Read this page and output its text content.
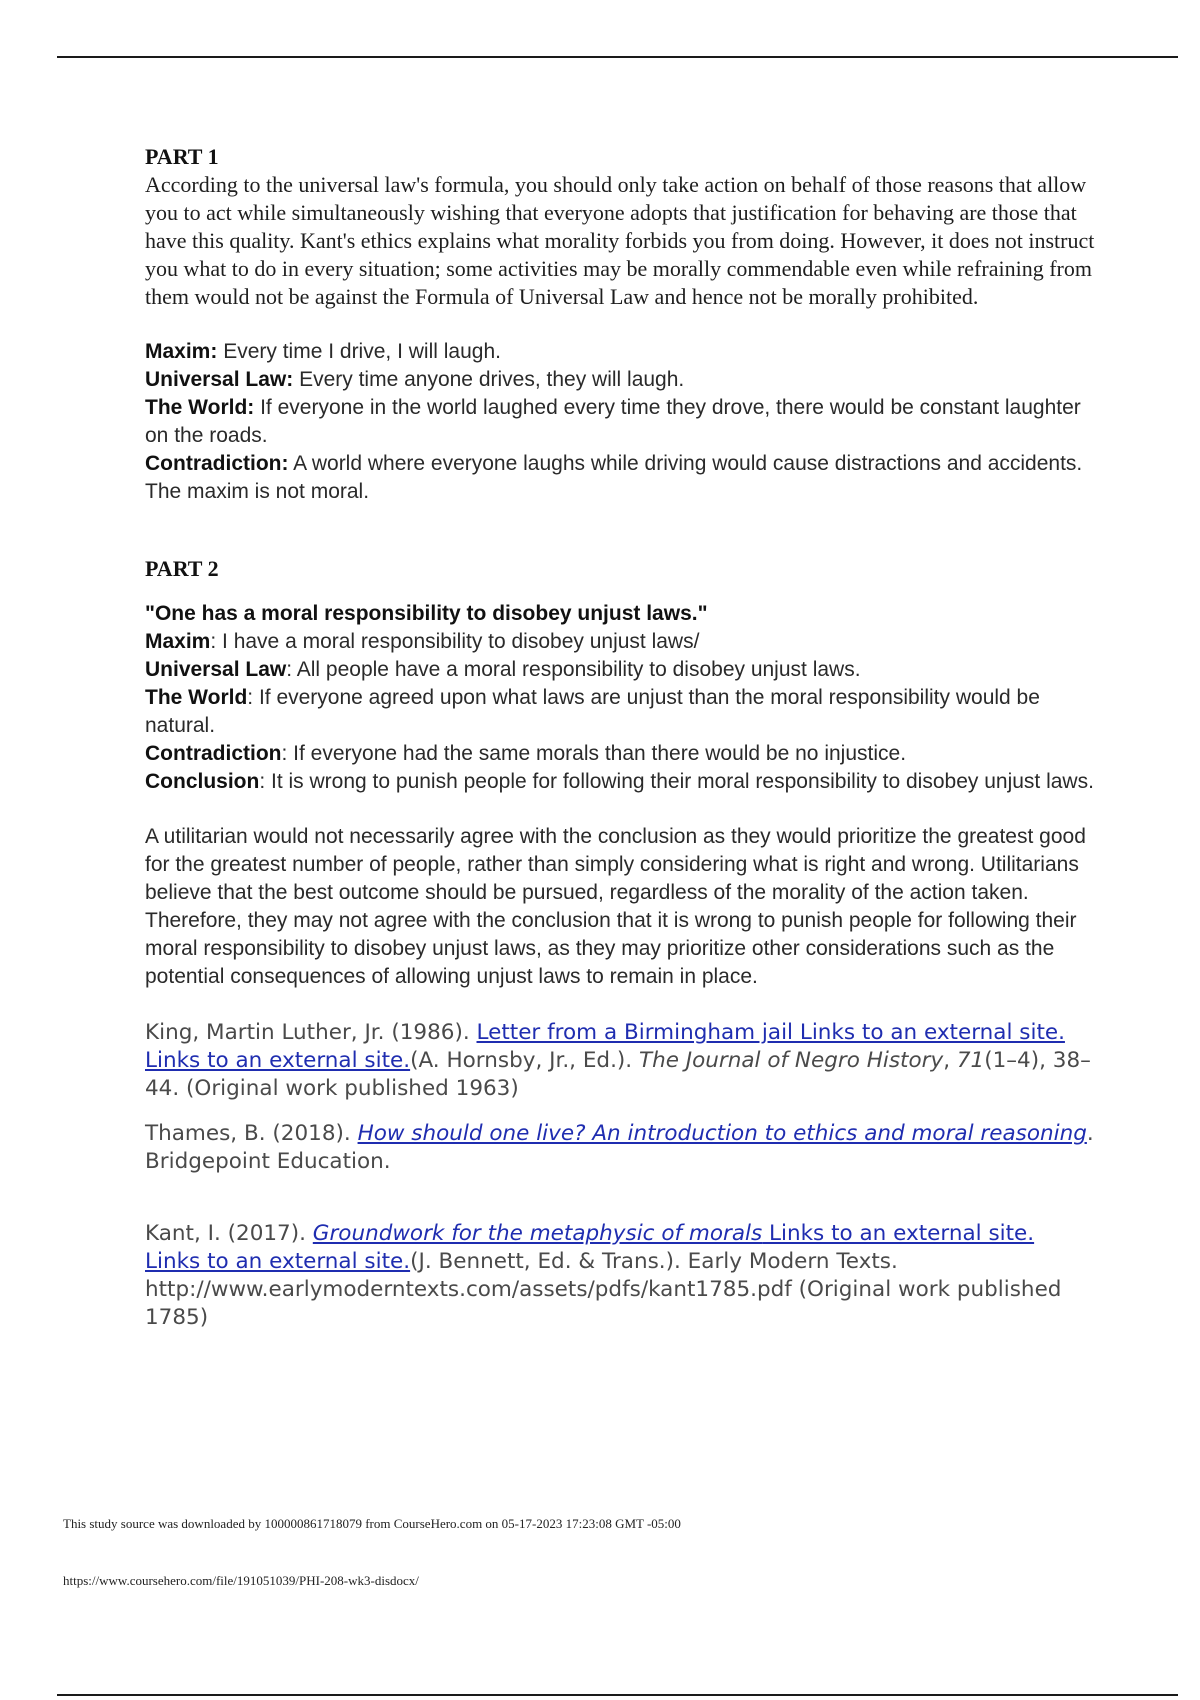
PART 1

According to the universal law's formula, you should only take action on behalf of those reasons that allow you to act while simultaneously wishing that everyone adopts that justification for behaving are those that have this quality. Kant's ethics explains what morality forbids you from doing. However, it does not instruct you what to do in every situation; some activities may be morally commendable even while refraining from them would not be against the Formula of Universal Law and hence not be morally prohibited.

Maxim: Every time I drive, I will laugh.

Universal Law: Every time anyone drives, they will laugh.

The World: If everyone in the world laughed every time they drove, there would be constant laughter on the roads.

Contradiction: A world where everyone laughs while driving would cause distractions and accidents.

The maxim is not moral.

PART 2

"One has a moral responsibility to disobey unjust laws."

Maxim: I have a moral responsibility to disobey unjust laws/

Universal Law: All people have a moral responsibility to disobey unjust laws.

The World: If everyone agreed upon what laws are unjust than the moral responsibility would be natural.

Contradiction: If everyone had the same morals than there would be no injustice.

Conclusion: It is wrong to punish people for following their moral responsibility to disobey unjust laws.

A utilitarian would not necessarily agree with the conclusion as they would prioritize the greatest good for the greatest number of people, rather than simply considering what is right and wrong. Utilitarians believe that the best outcome should be pursued, regardless of the morality of the action taken. Therefore, they may not agree with the conclusion that it is wrong to punish people for following their moral responsibility to disobey unjust laws, as they may prioritize other considerations such as the potential consequences of allowing unjust laws to remain in place.

King, Martin Luther, Jr. (1986). Letter from a Birmingham jail Links to an external site. Links to an external site.(A. Hornsby, Jr., Ed.). The Journal of Negro History, 71(1–4), 38–44. (Original work published 1963)

Thames, B. (2018). How should one live? An introduction to ethics and moral reasoning. Bridgepoint Education.

Kant, I. (2017). Groundwork for the metaphysic of morals Links to an external site. Links to an external site.(J. Bennett, Ed. & Trans.). Early Modern Texts. http://www.earlymoderntexts.com/assets/pdfs/kant1785.pdf (Original work published 1785)

This study source was downloaded by 100000861718079 from CourseHero.com on 05-17-2023 17:23:08 GMT -05:00
https://www.coursehero.com/file/191051039/PHI-208-wk3-disdocx/
